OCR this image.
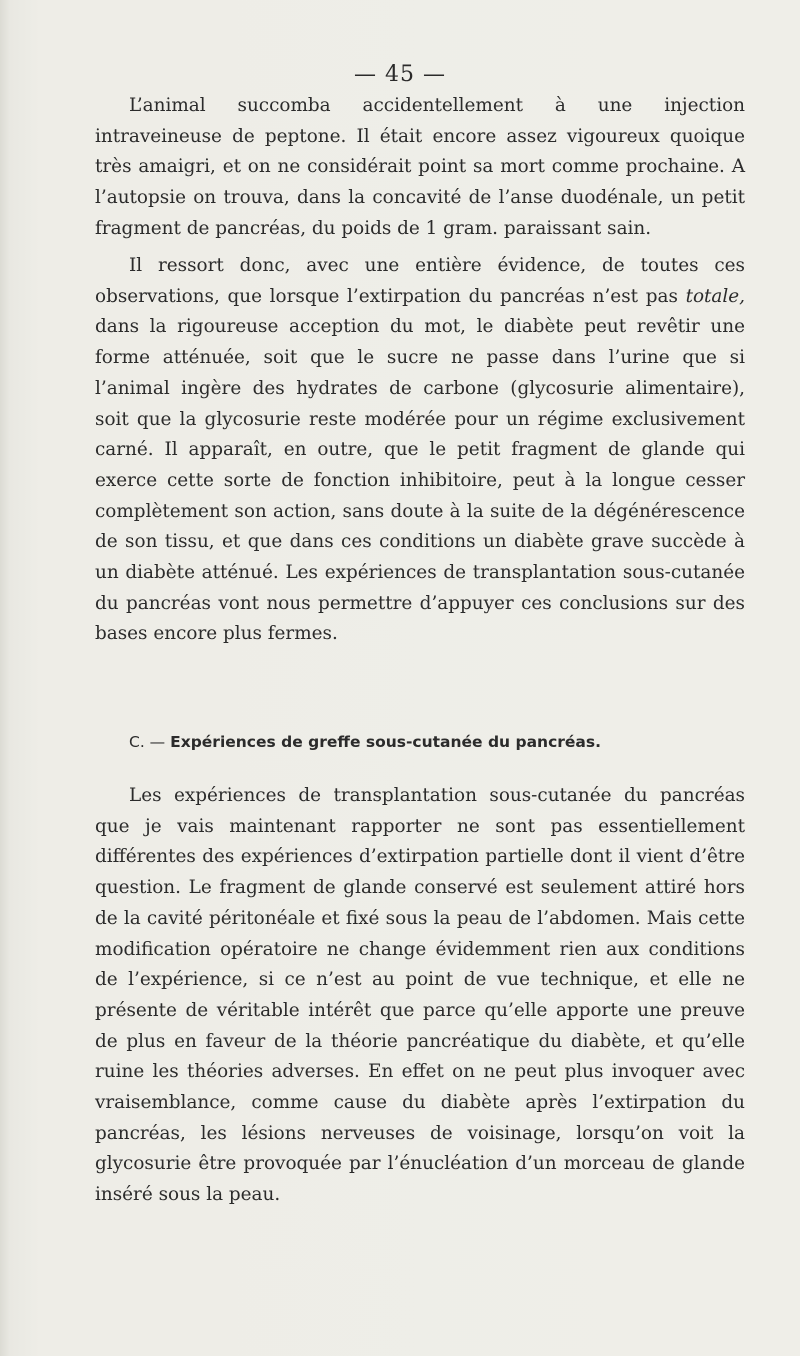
— 45 —

L’animal succomba accidentellement à une injection intraveineuse de peptone. Il était encore assez vigoureux quoique très amaigri, et on ne considérait point sa mort comme prochaine. A l’autopsie on trouva, dans la concavité de l’anse duodénale, un petit fragment de pancréas, du poids de 1 gram. paraissant sain.

Il ressort donc, avec une entière évidence, de toutes ces observations, que lorsque l’extirpation du pancréas n’est pas totale, dans la rigoureuse acception du mot, le diabète peut revêtir une forme atténuée, soit que le sucre ne passe dans l’urine que si l’animal ingère des hydrates de carbone (glycosurie alimentaire), soit que la glycosurie reste modérée pour un régime exclusivement carné. Il apparaît, en outre, que le petit fragment de glande qui exerce cette sorte de fonction inhibitoire, peut à la longue cesser complètement son action, sans doute à la suite de la dégénérescence de son tissu, et que dans ces conditions un diabète grave succède à un diabète atténué. Les expériences de transplantation sous-cutanée du pancréas vont nous permettre d’appuyer ces conclusions sur des bases encore plus fermes.

C. — Expériences de greffe sous-cutanée du pancréas.

Les expériences de transplantation sous-cutanée du pancréas que je vais maintenant rapporter ne sont pas essentiellement différentes des expériences d’extirpation partielle dont il vient d’être question. Le fragment de glande conservé est seulement attiré hors de la cavité péritonéale et fixé sous la peau de l’abdomen. Mais cette modification opératoire ne change évidemment rien aux conditions de l’expérience, si ce n’est au point de vue technique, et elle ne présente de véritable intérêt que parce qu’elle apporte une preuve de plus en faveur de la théorie pancréatique du diabète, et qu’elle ruine les théories adverses. En effet on ne peut plus invoquer avec vraisemblance, comme cause du diabète après l’extirpation du pancréas, les lésions nerveuses de voisinage, lorsqu’on voit la glycosurie être provoquée par l’énucléation d’un morceau de glande inséré sous la peau.
